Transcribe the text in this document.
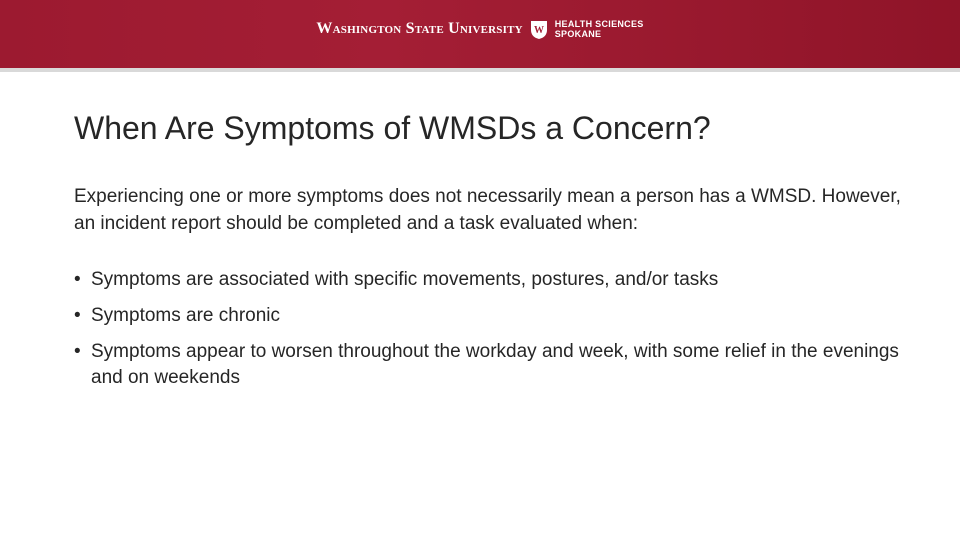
Washington State University W
HEALTH SCIENCES
SPOKANE
When Are Symptoms of WMSDs a Concern?

Experiencing one or more symptoms does not necessarily mean a person has a WMSD. However, an incident report should be completed and a task evaluated when:

• Symptoms are associated with specific movements, postures, and/or tasks
• Symptoms are chronic
• Symptoms appear to worsen throughout the workday and week, with some relief in the evenings and on weekends
